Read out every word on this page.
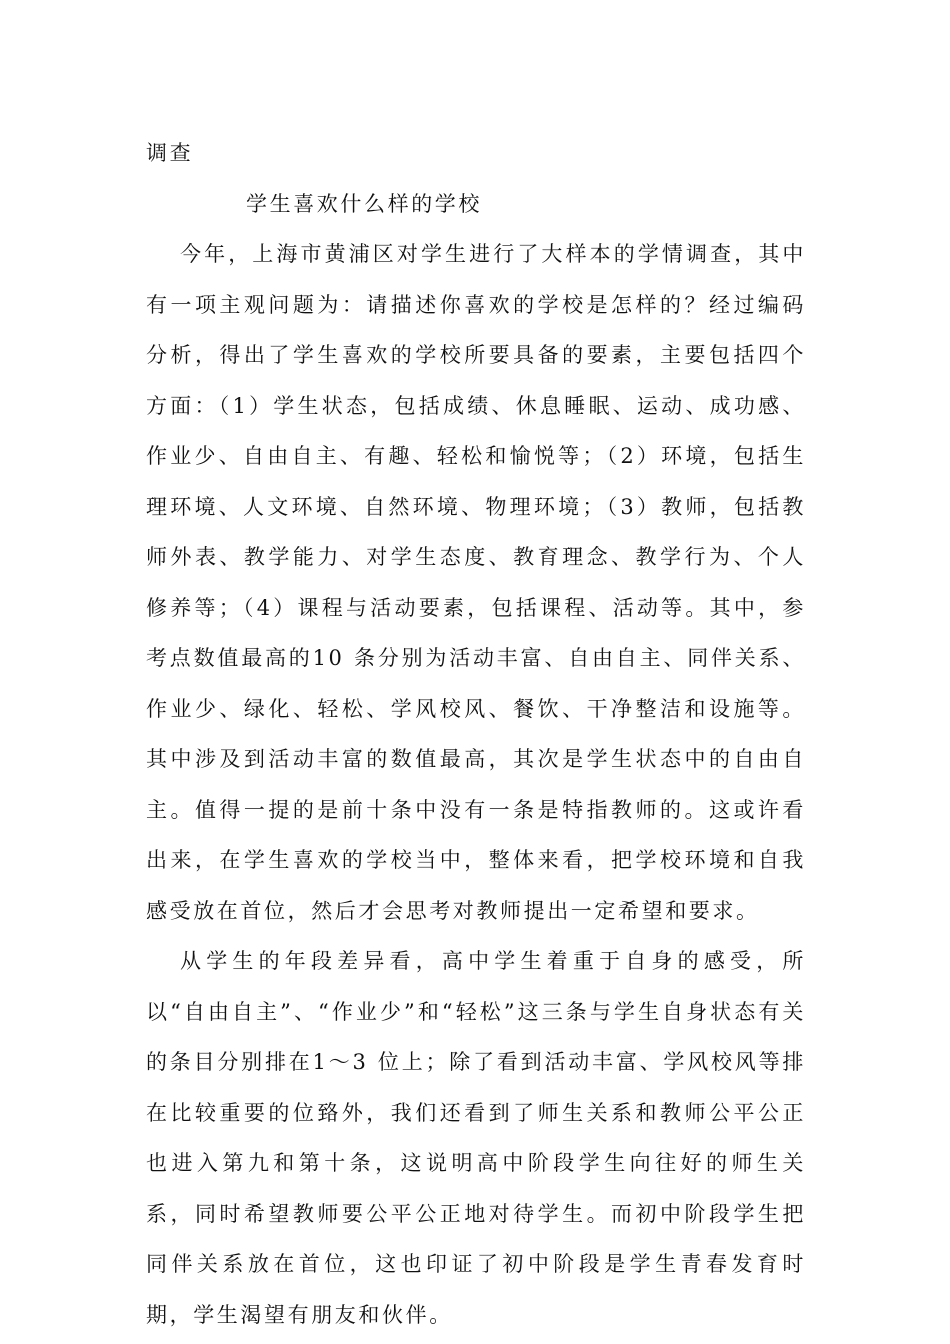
调查

学生喜欢什么样的学校

今年，上海市黄浦区对学生进行了大样本的学情调查，其中有一项主观问题为：请描述你喜欢的学校是怎样的？经过编码分析，得出了学生喜欢的学校所要具备的要素，主要包括四个方面：（1）学生状态，包括成绩、休息睡眠、运动、成功感、作业少、自由自主、有趣、轻松和愉悦等；（2）环境，包括生理环境、人文环境、自然环境、物理环境；（3）教师，包括教师外表、教学能力、对学生态度、教育理念、教学行为、个人修养等；（4）课程与活动要素，包括课程、活动等。其中，参考点数值最高的10 条分别为活动丰富、自由自主、同伴关系、作业少、绿化、轻松、学风校风、餐饮、干净整洁和设施等。其中涉及到活动丰富的数值最高，其次是学生状态中的自由自主。值得一提的是前十条中没有一条是特指教师的。这或许看出来，在学生喜欢的学校当中，整体来看，把学校环境和自我感受放在首位，然后才会思考对教师提出一定希望和要求。

从学生的年段差异看，高中学生着重于自身的感受，所以“自由自主”、“作业少”和“轻松”这三条与学生自身状态有关的条目分别排在1～3 位上；除了看到活动丰富、学风校风等排在比较重要的位臵外，我们还看到了师生关系和教师公平公正也进入第九和第十条，这说明高中阶段学生向往好的师生关系，同时希望教师要公平公正地对待学生。而初中阶段学生把同伴关系放在首位，这也印证了初中阶段是学生青春发育时期，学生渴望有朋友和伙伴。
